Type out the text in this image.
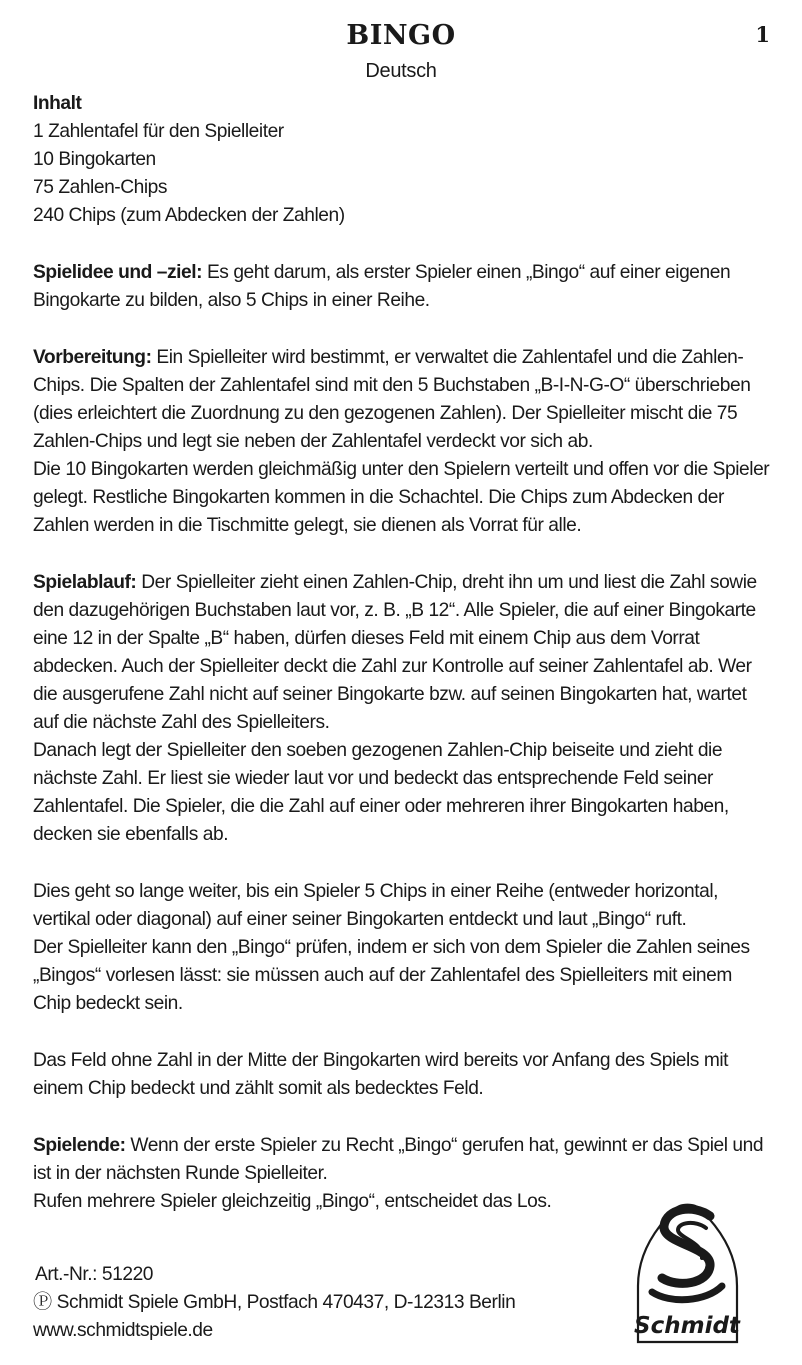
BINGO
Deutsch
1

Inhalt

1 Zahlentafel für den Spielleiter

10 Bingokarten

75 Zahlen-Chips

240 Chips (zum Abdecken der Zahlen)

Spielidee und –ziel: Es geht darum, als erster Spieler einen „Bingo“ auf einer eigenen Bingokarte zu bilden, also 5 Chips in einer Reihe.

Vorbereitung: Ein Spielleiter wird bestimmt, er verwaltet die Zahlentafel und die Zahlen-Chips. Die Spalten der Zahlentafel sind mit den 5 Buchstaben „B-I-N-G-O“ überschrieben (dies erleichtert die Zuordnung zu den gezogenen Zahlen). Der Spielleiter mischt die 75 Zahlen-Chips und legt sie neben der Zahlentafel verdeckt vor sich ab.

Die 10 Bingokarten werden gleichmäßig unter den Spielern verteilt und offen vor die Spieler gelegt. Restliche Bingokarten kommen in die Schachtel. Die Chips zum Abdecken der Zahlen werden in die Tischmitte gelegt, sie dienen als Vorrat für alle.

Spielablauf: Der Spielleiter zieht einen Zahlen-Chip, dreht ihn um und liest die Zahl sowie den dazugehörigen Buchstaben laut vor, z. B. „B 12“. Alle Spieler, die auf einer Bingokarte eine 12 in der Spalte „B“ haben, dürfen dieses Feld mit einem Chip aus dem Vorrat abdecken. Auch der Spielleiter deckt die Zahl zur Kontrolle auf seiner Zahlentafel ab. Wer die ausgerufene Zahl nicht auf seiner Bingokarte bzw. auf seinen Bingokarten hat, wartet auf die nächste Zahl des Spielleiters.

Danach legt der Spielleiter den soeben gezogenen Zahlen-Chip beiseite und zieht die nächste Zahl. Er liest sie wieder laut vor und bedeckt das entsprechende Feld seiner Zahlentafel. Die Spieler, die die Zahl auf einer oder mehreren ihrer Bingokarten haben, decken sie ebenfalls ab.

Dies geht so lange weiter, bis ein Spieler 5 Chips in einer Reihe (entweder horizontal, vertikal oder diagonal) auf einer seiner Bingokarten entdeckt und laut „Bingo“ ruft.

Der Spielleiter kann den „Bingo“ prüfen, indem er sich von dem Spieler die Zahlen seines „Bingos“ vorlesen lässt: sie müssen auch auf der Zahlentafel des Spielleiters mit einem Chip bedeckt sein.

Das Feld ohne Zahl in der Mitte der Bingokarten wird bereits vor Anfang des Spiels mit einem Chip bedeckt und zählt somit als bedecktes Feld.

Spielende: Wenn der erste Spieler zu Recht „Bingo“ gerufen hat, gewinnt er das Spiel und ist in der nächsten Runde Spielleiter.

Rufen mehrere Spieler gleichzeitig „Bingo“, entscheidet das Los.

Art.-Nr.: 51220
Ⓟ Schmidt Spiele GmbH, Postfach 470437, D-12313 Berlin
www.schmidtspiele.de	Schmidt
